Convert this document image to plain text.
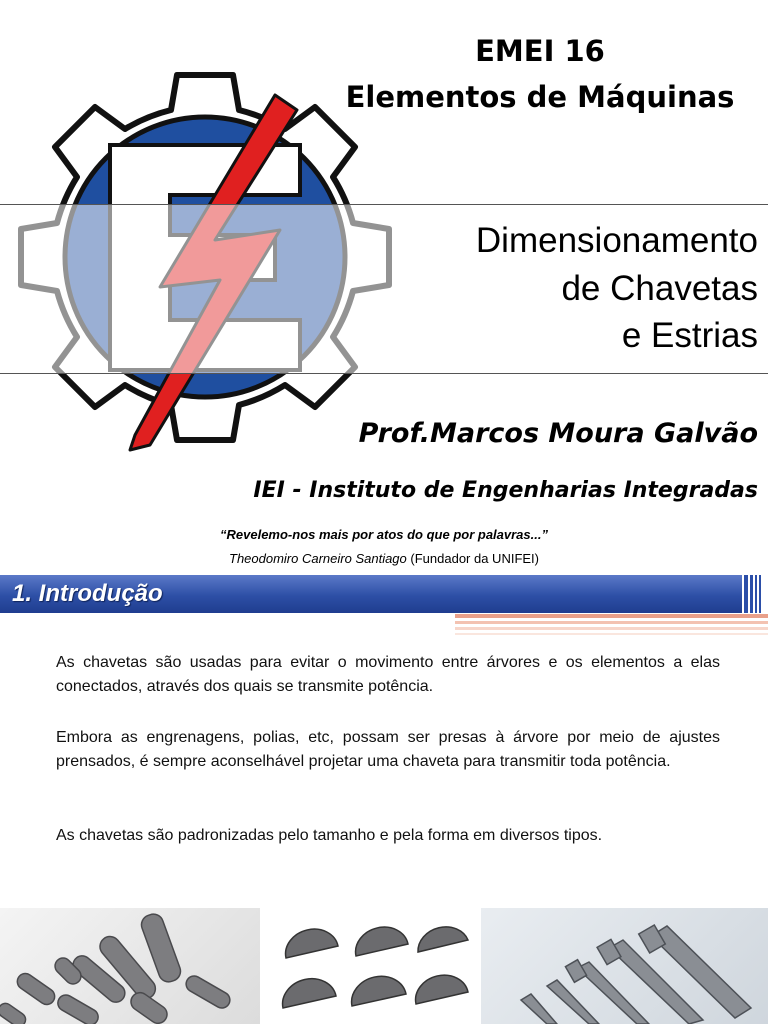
EMEI 16
Elementos de Máquinas
Dimensionamento
de Chavetas
e Estrias
Prof.Marcos Moura Galvão
IEI - Instituto de Engenharias Integradas
“Revelemo-nos mais por atos do que por palavras...”
Theodomiro Carneiro Santiago (Fundador da UNIFEI)
1. Introdução

As chavetas são usadas para evitar o movimento entre árvores e os elementos a elas conectados, através dos quais se transmite potência.

Embora as engrenagens, polias, etc, possam ser presas à árvore por meio de ajustes prensados, é sempre aconselhável projetar uma chaveta para transmitir toda potência.

As chavetas são padronizadas pelo tamanho e pela forma em diversos tipos.
